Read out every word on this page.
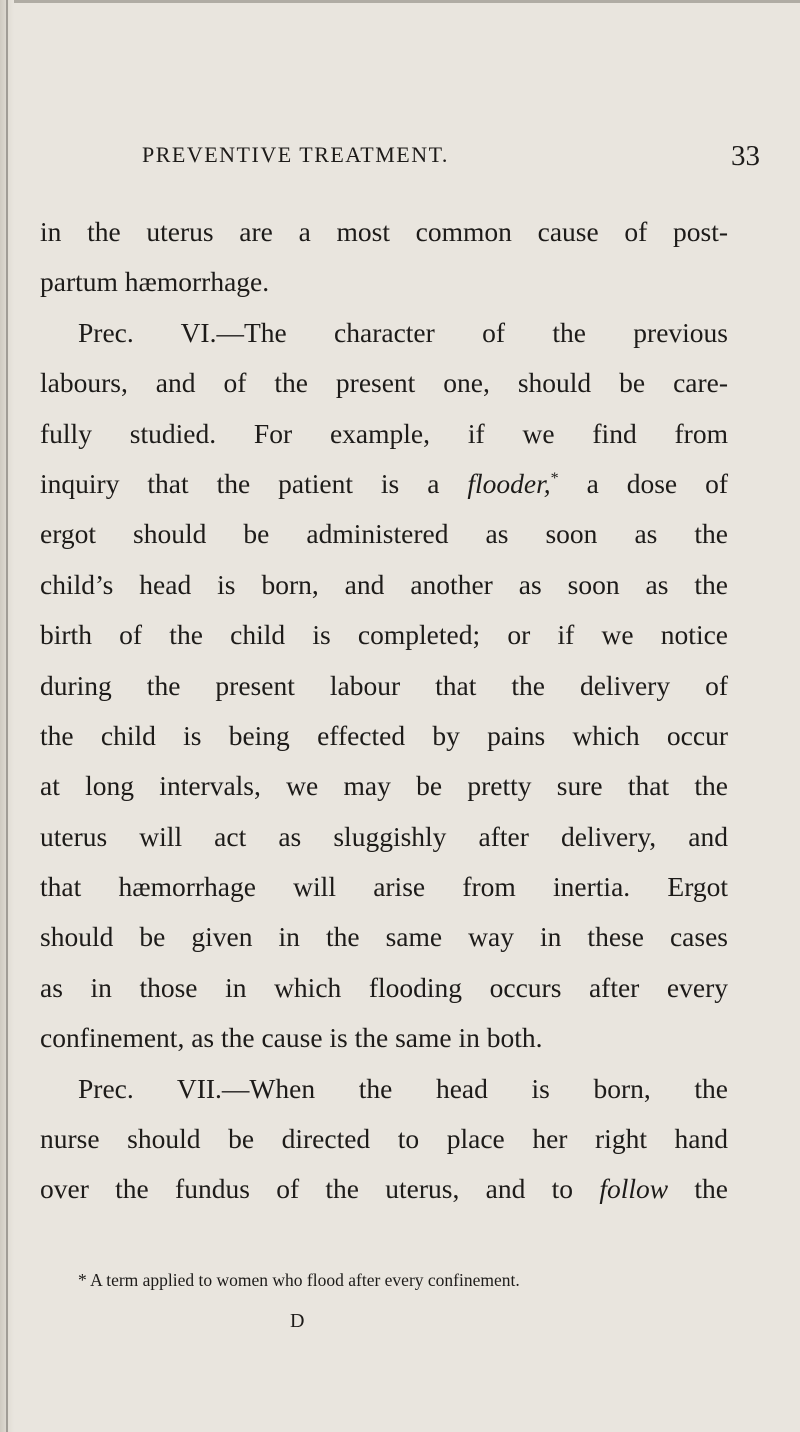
PREVENTIVE TREATMENT.	33
in the uterus are a most common cause of post-
partum hæmorrhage.
Prec. VI.—The character of the previous
labours, and of the present one, should be care-
fully studied. For example, if we find from
inquiry that the patient is a flooder,* a dose of
ergot should be administered as soon as the
child’s head is born, and another as soon as the
birth of the child is completed; or if we notice
during the present labour that the delivery of
the child is being effected by pains which occur
at long intervals, we may be pretty sure that the
uterus will act as sluggishly after delivery, and
that hæmorrhage will arise from inertia. Ergot
should be given in the same way in these cases
as in those in which flooding occurs after every
confinement, as the cause is the same in both.
Prec. VII.—When the head is born, the
nurse should be directed to place her right hand
over the fundus of the uterus, and to follow the
* A term applied to women who flood after every confinement.
D
